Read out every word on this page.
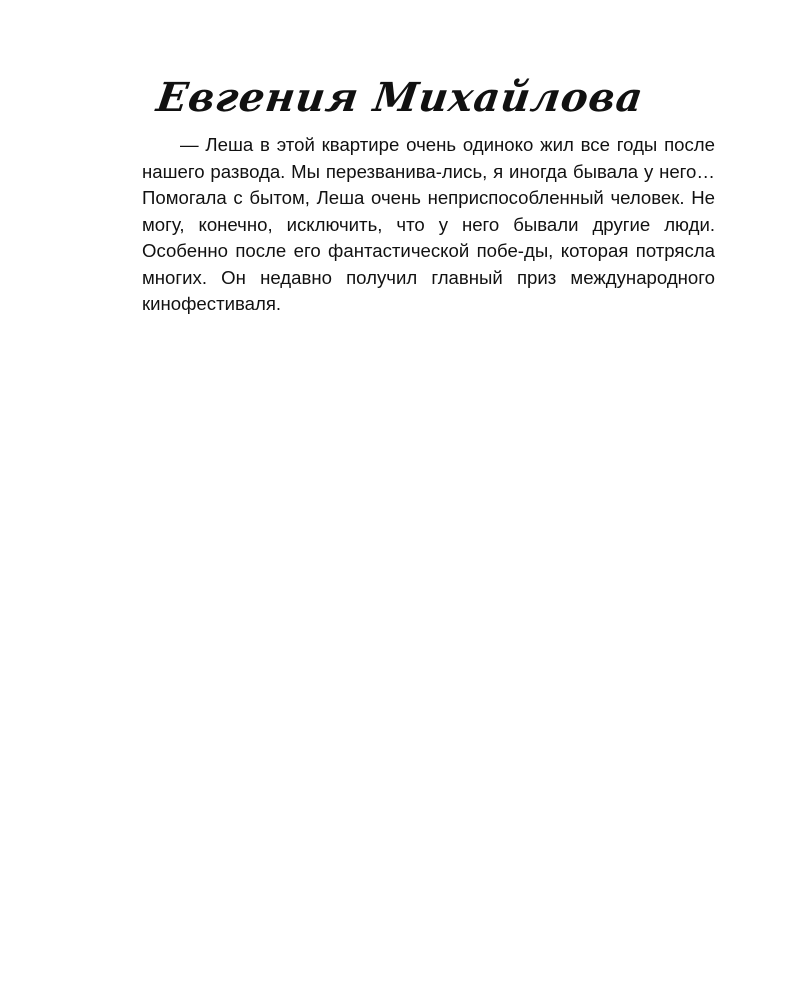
Евгения Михайлова

— Леша в этой квартире очень одиноко жил все годы после нашего развода. Мы перезванива-лись, я иногда бывала у него… Помогала с бытом, Леша очень неприспособленный человек. Не могу, конечно, исключить, что у него бывали другие люди. Особенно после его фантастической побе-ды, которая потрясла многих. Он недавно получил главный приз международного кинофестиваля.
